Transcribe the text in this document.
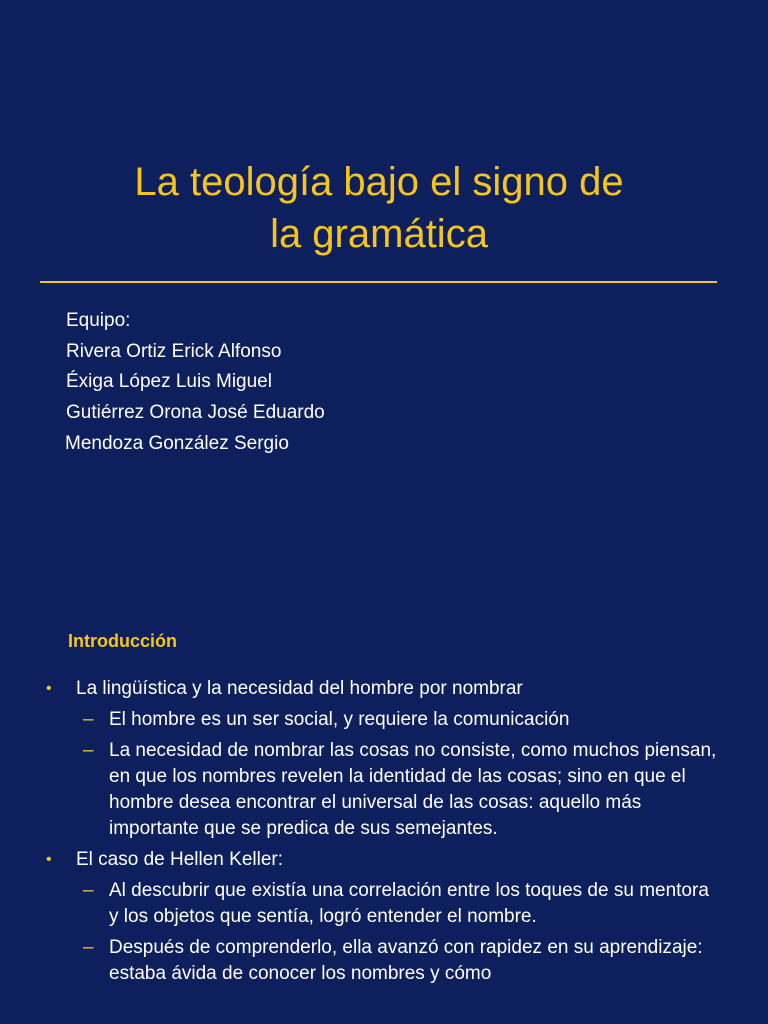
La teología bajo el signo de
la gramática
Equipo:
Rivera Ortiz Erick Alfonso
Éxiga López Luis Miguel
Gutiérrez Orona José Eduardo
Mendoza González Sergio
Introducción
• La lingüística y la necesidad del hombre por nombrar
– El hombre es un ser social, y requiere la comunicación
– La necesidad de nombrar las cosas no consiste, como muchos piensan, en que los nombres revelen la identidad de las cosas; sino en que el hombre desea encontrar el universal de las cosas: aquello más importante que se predica de sus semejantes.
• El caso de Hellen Keller:
– Al descubrir que existía una correlación entre los toques de su mentora y los objetos que sentía, logró entender el nombre.
– Después de comprenderlo, ella avanzó con rapidez en su aprendizaje: estaba ávida de conocer los nombres y cómo
